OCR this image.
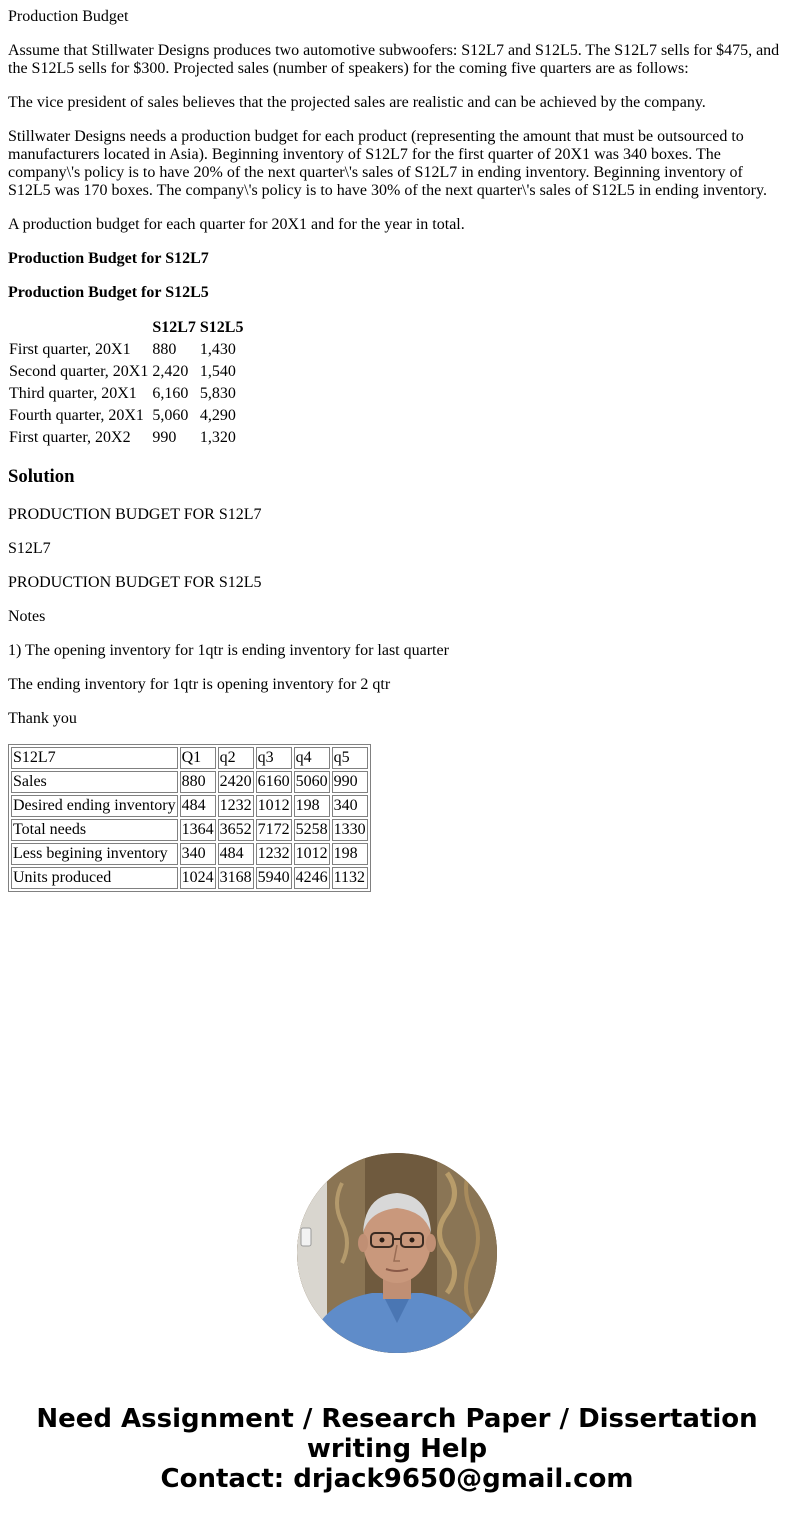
Production Budget

Assume that Stillwater Designs produces two automotive subwoofers: S12L7 and S12L5. The S12L7 sells for $475, and the S12L5 sells for $300. Projected sales (number of speakers) for the coming five quarters are as follows:

The vice president of sales believes that the projected sales are realistic and can be achieved by the company.

Stillwater Designs needs a production budget for each product (representing the amount that must be outsourced to manufacturers located in Asia). Beginning inventory of S12L7 for the first quarter of 20X1 was 340 boxes. The company\'s policy is to have 20% of the next quarter\'s sales of S12L7 in ending inventory. Beginning inventory of S12L5 was 170 boxes. The company\'s policy is to have 30% of the next quarter\'s sales of S12L5 in ending inventory.

A production budget for each quarter for 20X1 and for the year in total.

Production Budget for S12L7

Production Budget for S12L5

	S12L7	S12L5
First quarter, 20X1	880	1,430
Second quarter, 20X1	2,420	1,540
Third quarter, 20X1	6,160	5,830
Fourth quarter, 20X1	5,060	4,290
First quarter, 20X2	990	1,320
Solution

PRODUCTION BUDGET FOR S12L7

S12L7

PRODUCTION BUDGET FOR S12L5

Notes

1) The opening inventory for 1qtr is ending inventory for last quarter

The ending inventory for 1qtr is opening inventory for 2 qtr

Thank you

S12L7	Q1	q2	q3	q4	q5
Sales	880	2420	6160	5060	990
Desired ending inventory	484	1232	1012	198	340
Total needs	1364	3652	7172	5258	1330
Less begining inventory	340	484	1232	1012	198
Units produced	1024	3168	5940	4246	1132
Need Assignment / Research Paper / Dissertation
writing Help
Contact: drjack9650@gmail.com
